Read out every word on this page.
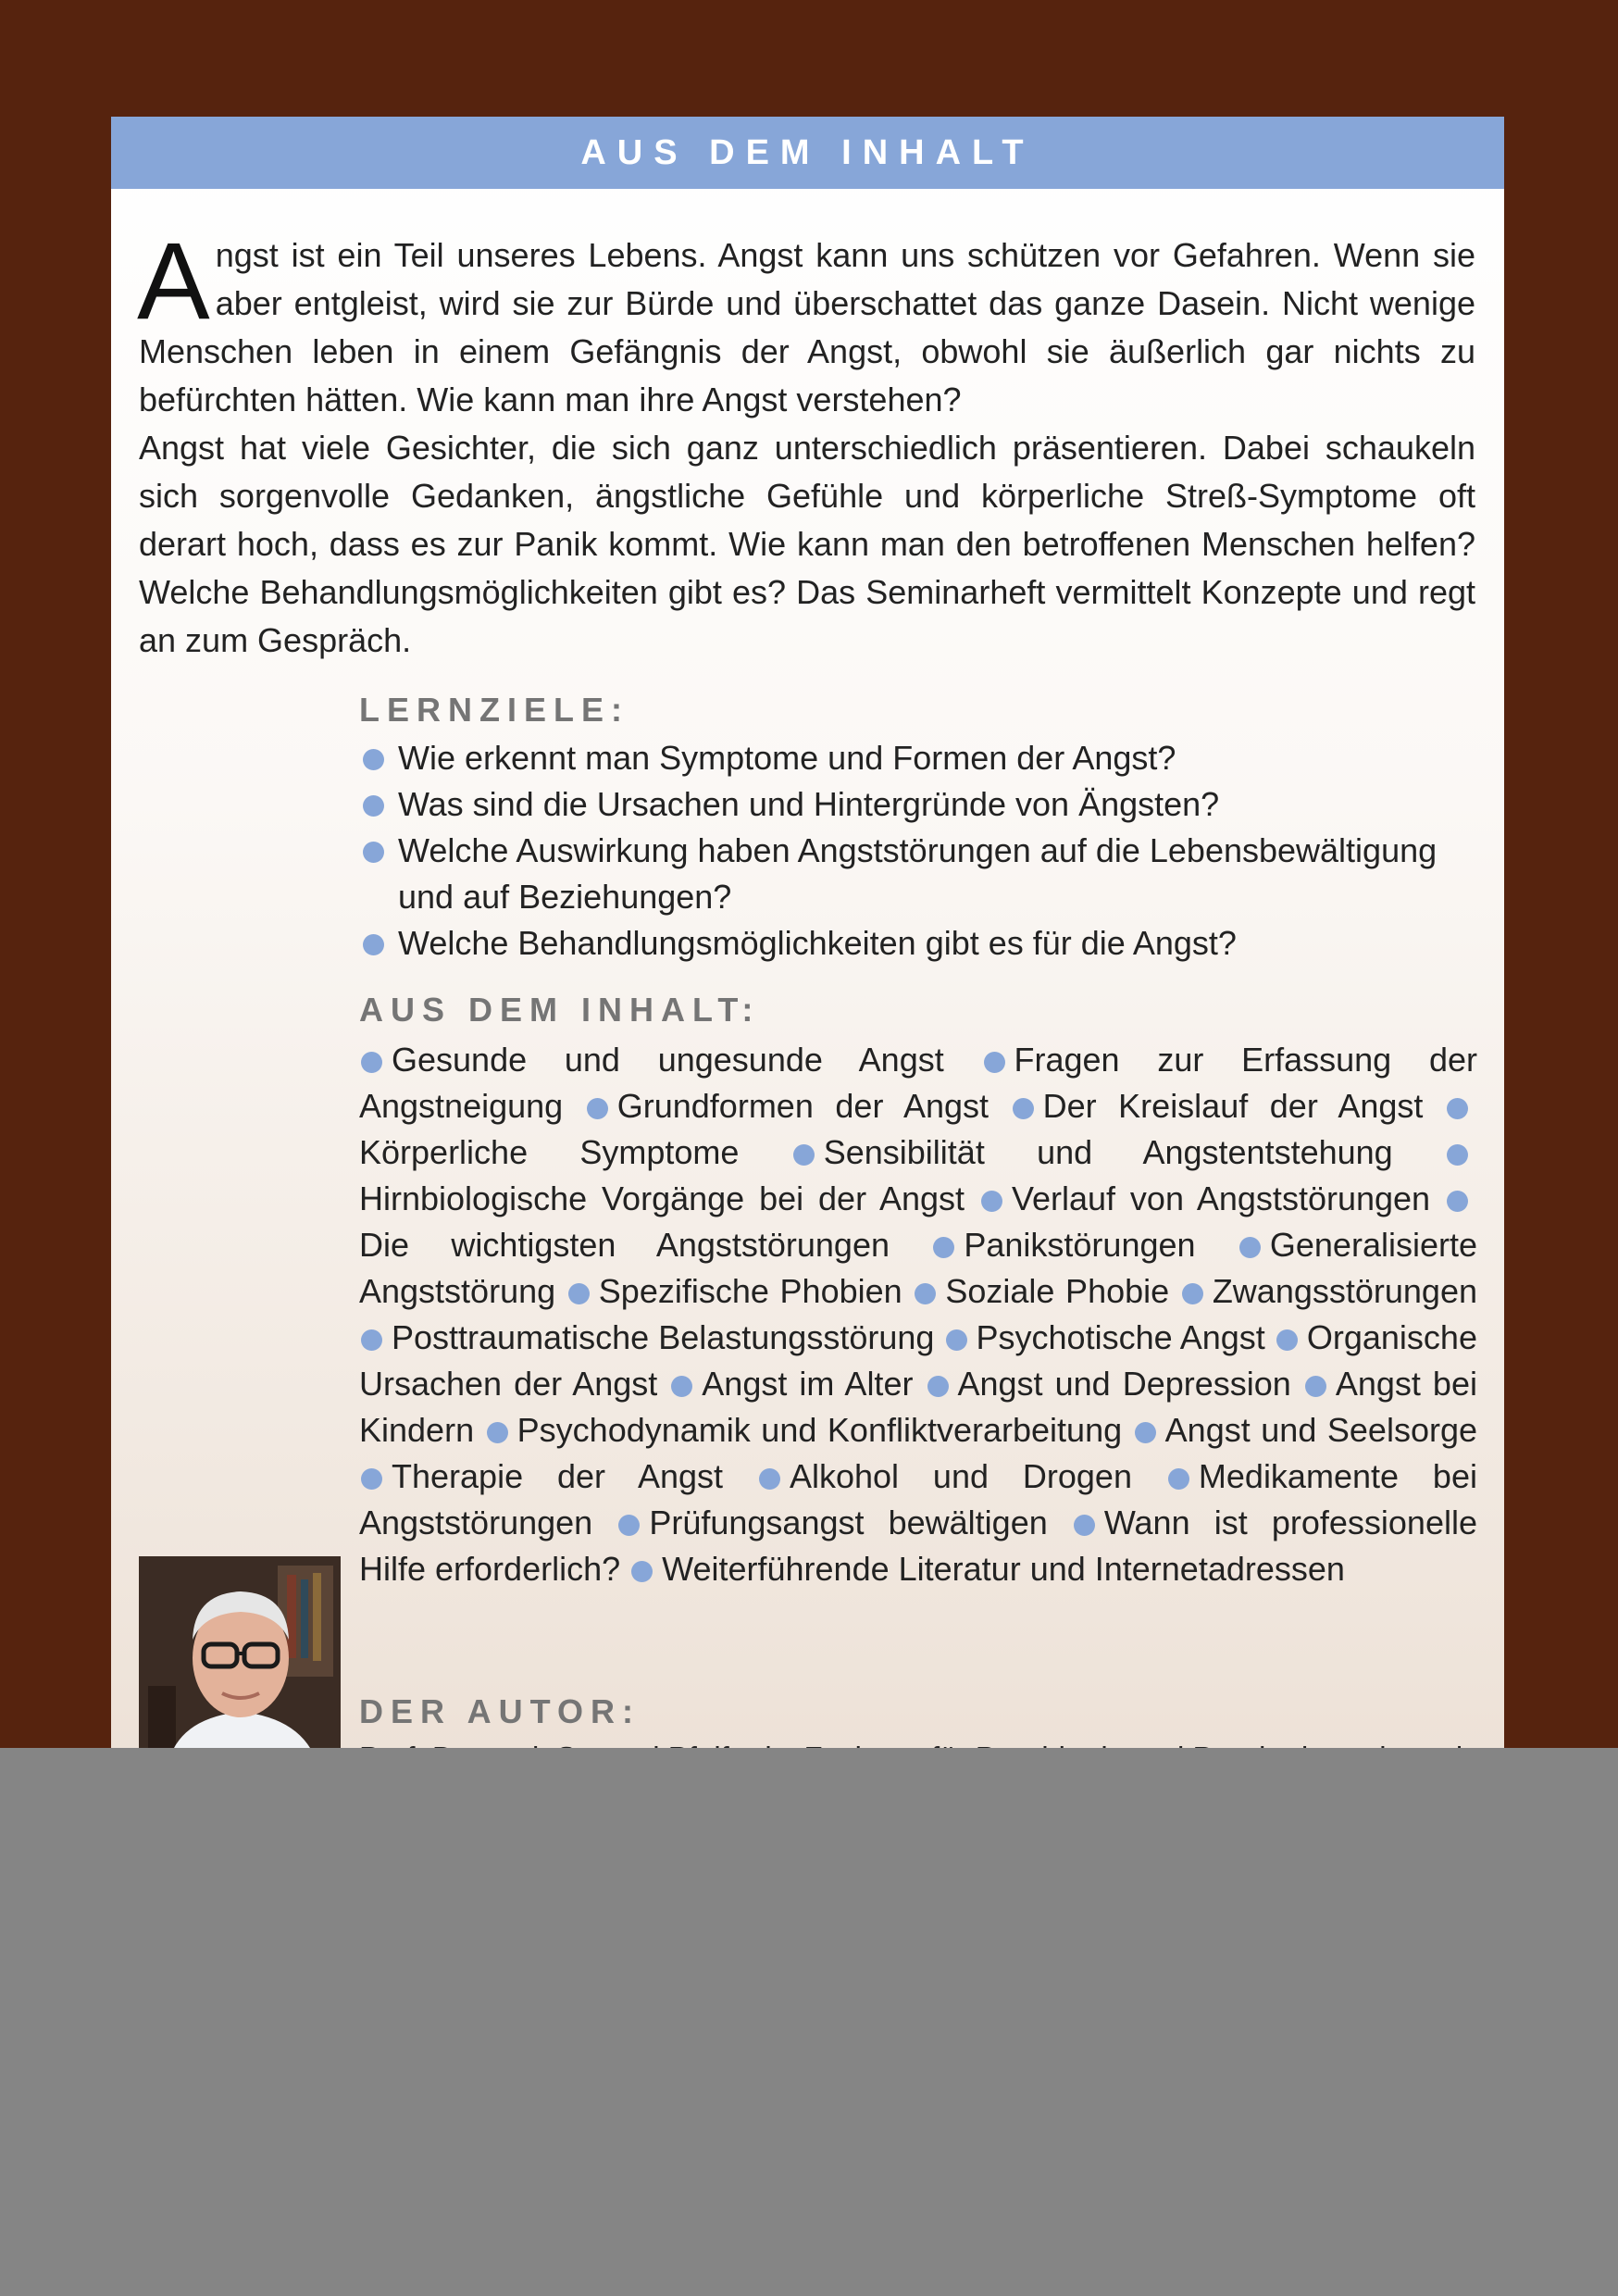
AUS DEM INHALT

Angst ist ein Teil unseres Lebens. Angst kann uns schützen vor Gefahren. Wenn sie aber entgleist, wird sie zur Bürde und überschattet das ganze Dasein. Nicht wenige Menschen leben in einem Gefängnis der Angst, obwohl sie äußerlich gar nichts zu befürchten hätten. Wie kann man ihre Angst verstehen?

Angst hat viele Gesichter, die sich ganz unterschiedlich präsentieren. Dabei schaukeln sich sorgenvolle Gedanken, ängstliche Gefühle und körperliche Streß-Symptome oft derart hoch, dass es zur Panik kommt. Wie kann man den betroffenen Menschen helfen? Welche Behandlungsmöglichkeiten gibt es? Das Seminarheft vermittelt Konzepte und regt an zum Gespräch.

LERNZIELE:
Wie erkennt man Symptome und Formen der Angst?
Was sind die Ursachen und Hintergründe von Ängsten?
Welche Auswirkung haben Angststörungen auf die Lebensbewältigung und auf Beziehungen?
Welche Behandlungsmöglichkeiten gibt es für die Angst?
AUS DEM INHALT:
Gesunde und ungesunde Angst Fragen zur Erfassung der Angstneigung Grundformen der Angst Der Kreislauf der Angst Körperliche Symptome	Sensibilität und Angstentstehung Hirnbiologische Vorgänge bei der Angst Verlauf von Angststörungen Die wichtigsten Angststörungen Panikstörungen Generalisierte Angststörung Spezifische Phobien Soziale Phobie Zwangsstörungen Posttraumatische Belastungsstörung Psychotische Angst Organische Ursachen der Angst Angst im Alter Angst und Depression Angst bei Kindern Psychodynamik und Konfliktverarbeitung Angst und Seelsorge Therapie der Angst Alkohol und Drogen Medikamente bei Angststörungen Prüfungsangst bewältigen Wann ist professionelle Hilfe erforderlich? Weiterführende Literatur und Internetadressen
DER AUTOR:
